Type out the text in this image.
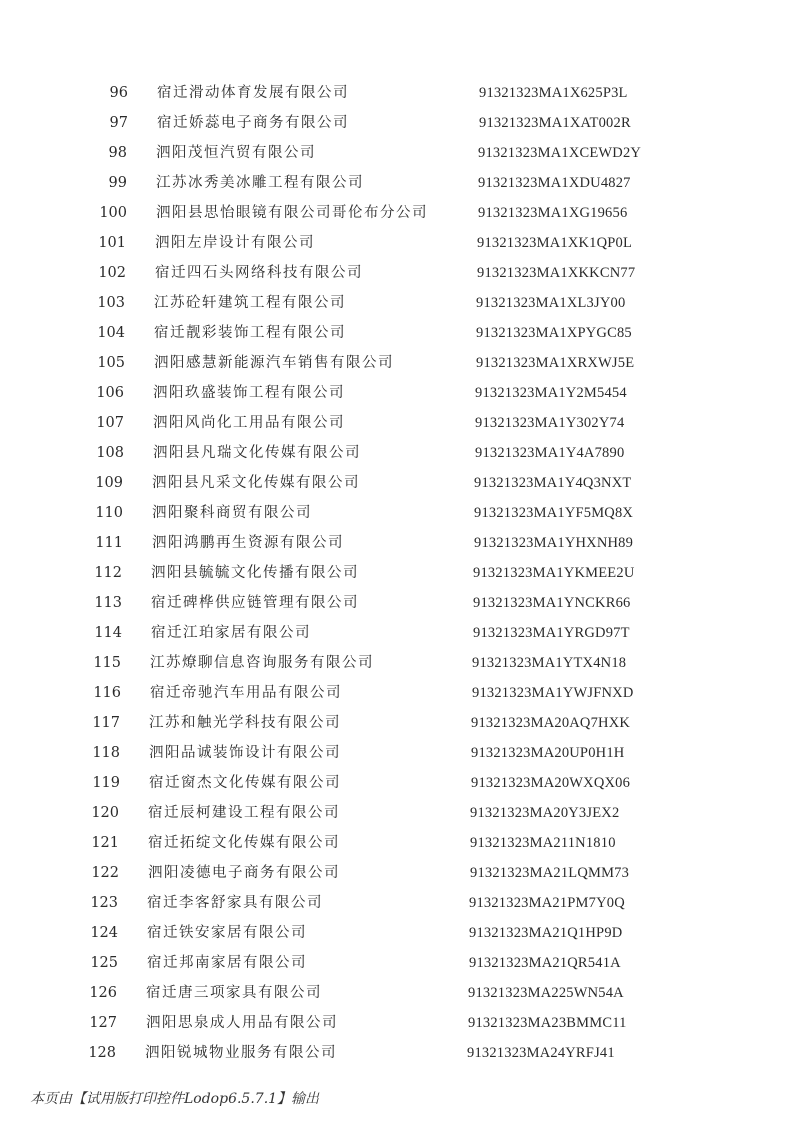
96 宿迁滑动体育发展有限公司	91321323MA1X625P3L
97 宿迁娇蕊电子商务有限公司	91321323MA1XAT002R
98 泗阳茂恒汽贸有限公司	91321323MA1XCEWD2Y
99 江苏冰秀美冰雕工程有限公司	91321323MA1XDU4827
100 泗阳县思怡眼镜有限公司哥伦布分公司	91321323MA1XG19656
101 泗阳左岸设计有限公司	91321323MA1XK1QP0L
102 宿迁四石头网络科技有限公司	91321323MA1XKKCN77
103 江苏砼轩建筑工程有限公司	91321323MA1XL3JY00
104 宿迁靓彩装饰工程有限公司	91321323MA1XPYGC85
105 泗阳感慧新能源汽车销售有限公司	91321323MA1XRXWJ5E
106 泗阳玖盛装饰工程有限公司	91321323MA1Y2M5454
107 泗阳风尚化工用品有限公司	91321323MA1Y302Y74
108 泗阳县凡瑞文化传媒有限公司	91321323MA1Y4A7890
109 泗阳县凡采文化传媒有限公司	91321323MA1Y4Q3NXT
110 泗阳聚科商贸有限公司	91321323MA1YF5MQ8X
111 泗阳鸿鹏再生资源有限公司	91321323MA1YHXNH89
112 泗阳县毓毓文化传播有限公司	91321323MA1YKMEE2U
113 宿迁碑桦供应链管理有限公司	91321323MA1YNCKR66
114 宿迁江珀家居有限公司	91321323MA1YRGD97T
115 江苏燎聊信息咨询服务有限公司	91321323MA1YTX4N18
116 宿迁帝驰汽车用品有限公司	91321323MA1YWJFNXD
117 江苏和触光学科技有限公司	91321323MA20AQ7HXK
118 泗阳品诚装饰设计有限公司	91321323MA20UP0H1H
119 宿迁窗杰文化传媒有限公司	91321323MA20WXQX06
120 宿迁辰柯建设工程有限公司	91321323MA20Y3JEX2
121 宿迁拓绽文化传媒有限公司	91321323MA211N1810
122 泗阳凌德电子商务有限公司	91321323MA21LQMM73
123 宿迁李客舒家具有限公司	91321323MA21PM7Y0Q
124 宿迁铁安家居有限公司	91321323MA21Q1HP9D
125 宿迁邦南家居有限公司	91321323MA21QR541A
126 宿迁唐三项家具有限公司	91321323MA225WN54A
127 泗阳思泉成人用品有限公司	91321323MA23BMMC11
128 泗阳锐城物业服务有限公司	91321323MA24YRFJ41
本页由【试用版打印控件Lodop6.5.7.1】输出
